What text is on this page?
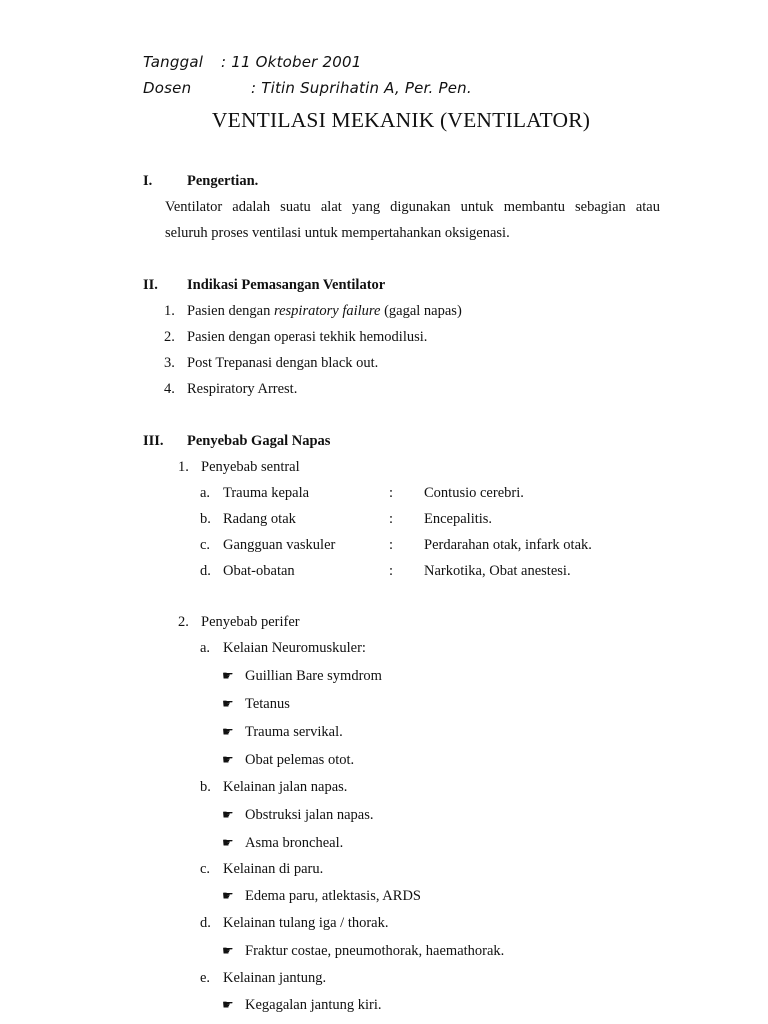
Tanggal : 11 Oktober 2001
Dosen	: Titin Suprihatin A, Per. Pen.
VENTILASI MEKANIK (VENTILATOR)
I. Pengertian.
Ventilator adalah suatu alat yang digunakan untuk membantu sebagian atau
seluruh proses ventilasi untuk mempertahankan oksigenasi.
II. Indikasi Pemasangan Ventilator
1. Pasien dengan respiratory failure (gagal napas)
2. Pasien dengan operasi tekhik hemodilusi.
3. Post Trepanasi dengan black out.
4. Respiratory Arrest.
III. Penyebab Gagal Napas
1. Penyebab sentral
a. Trauma kepala	: Contusio cerebri.
b. Radang otak	: Encepalitis.
c. Gangguan vaskuler	: Perdarahan otak, infark otak.
d. Obat-obatan	: Narkotika, Obat anestesi.
2. Penyebab perifer
a. Kelaian Neuromuskuler:
☛ Guillian Bare symdrom
☛ Tetanus
☛ Trauma servikal.
☛ Obat pelemas otot.
b. Kelainan jalan napas.
☛ Obstruksi jalan napas.
☛ Asma broncheal.
c. Kelainan di paru.
☛ Edema paru, atlektasis, ARDS
d. Kelainan tulang iga / thorak.
☛ Fraktur costae, pneumothorak, haemathorak.
e. Kelainan jantung.
☛ Kegagalan jantung kiri.
